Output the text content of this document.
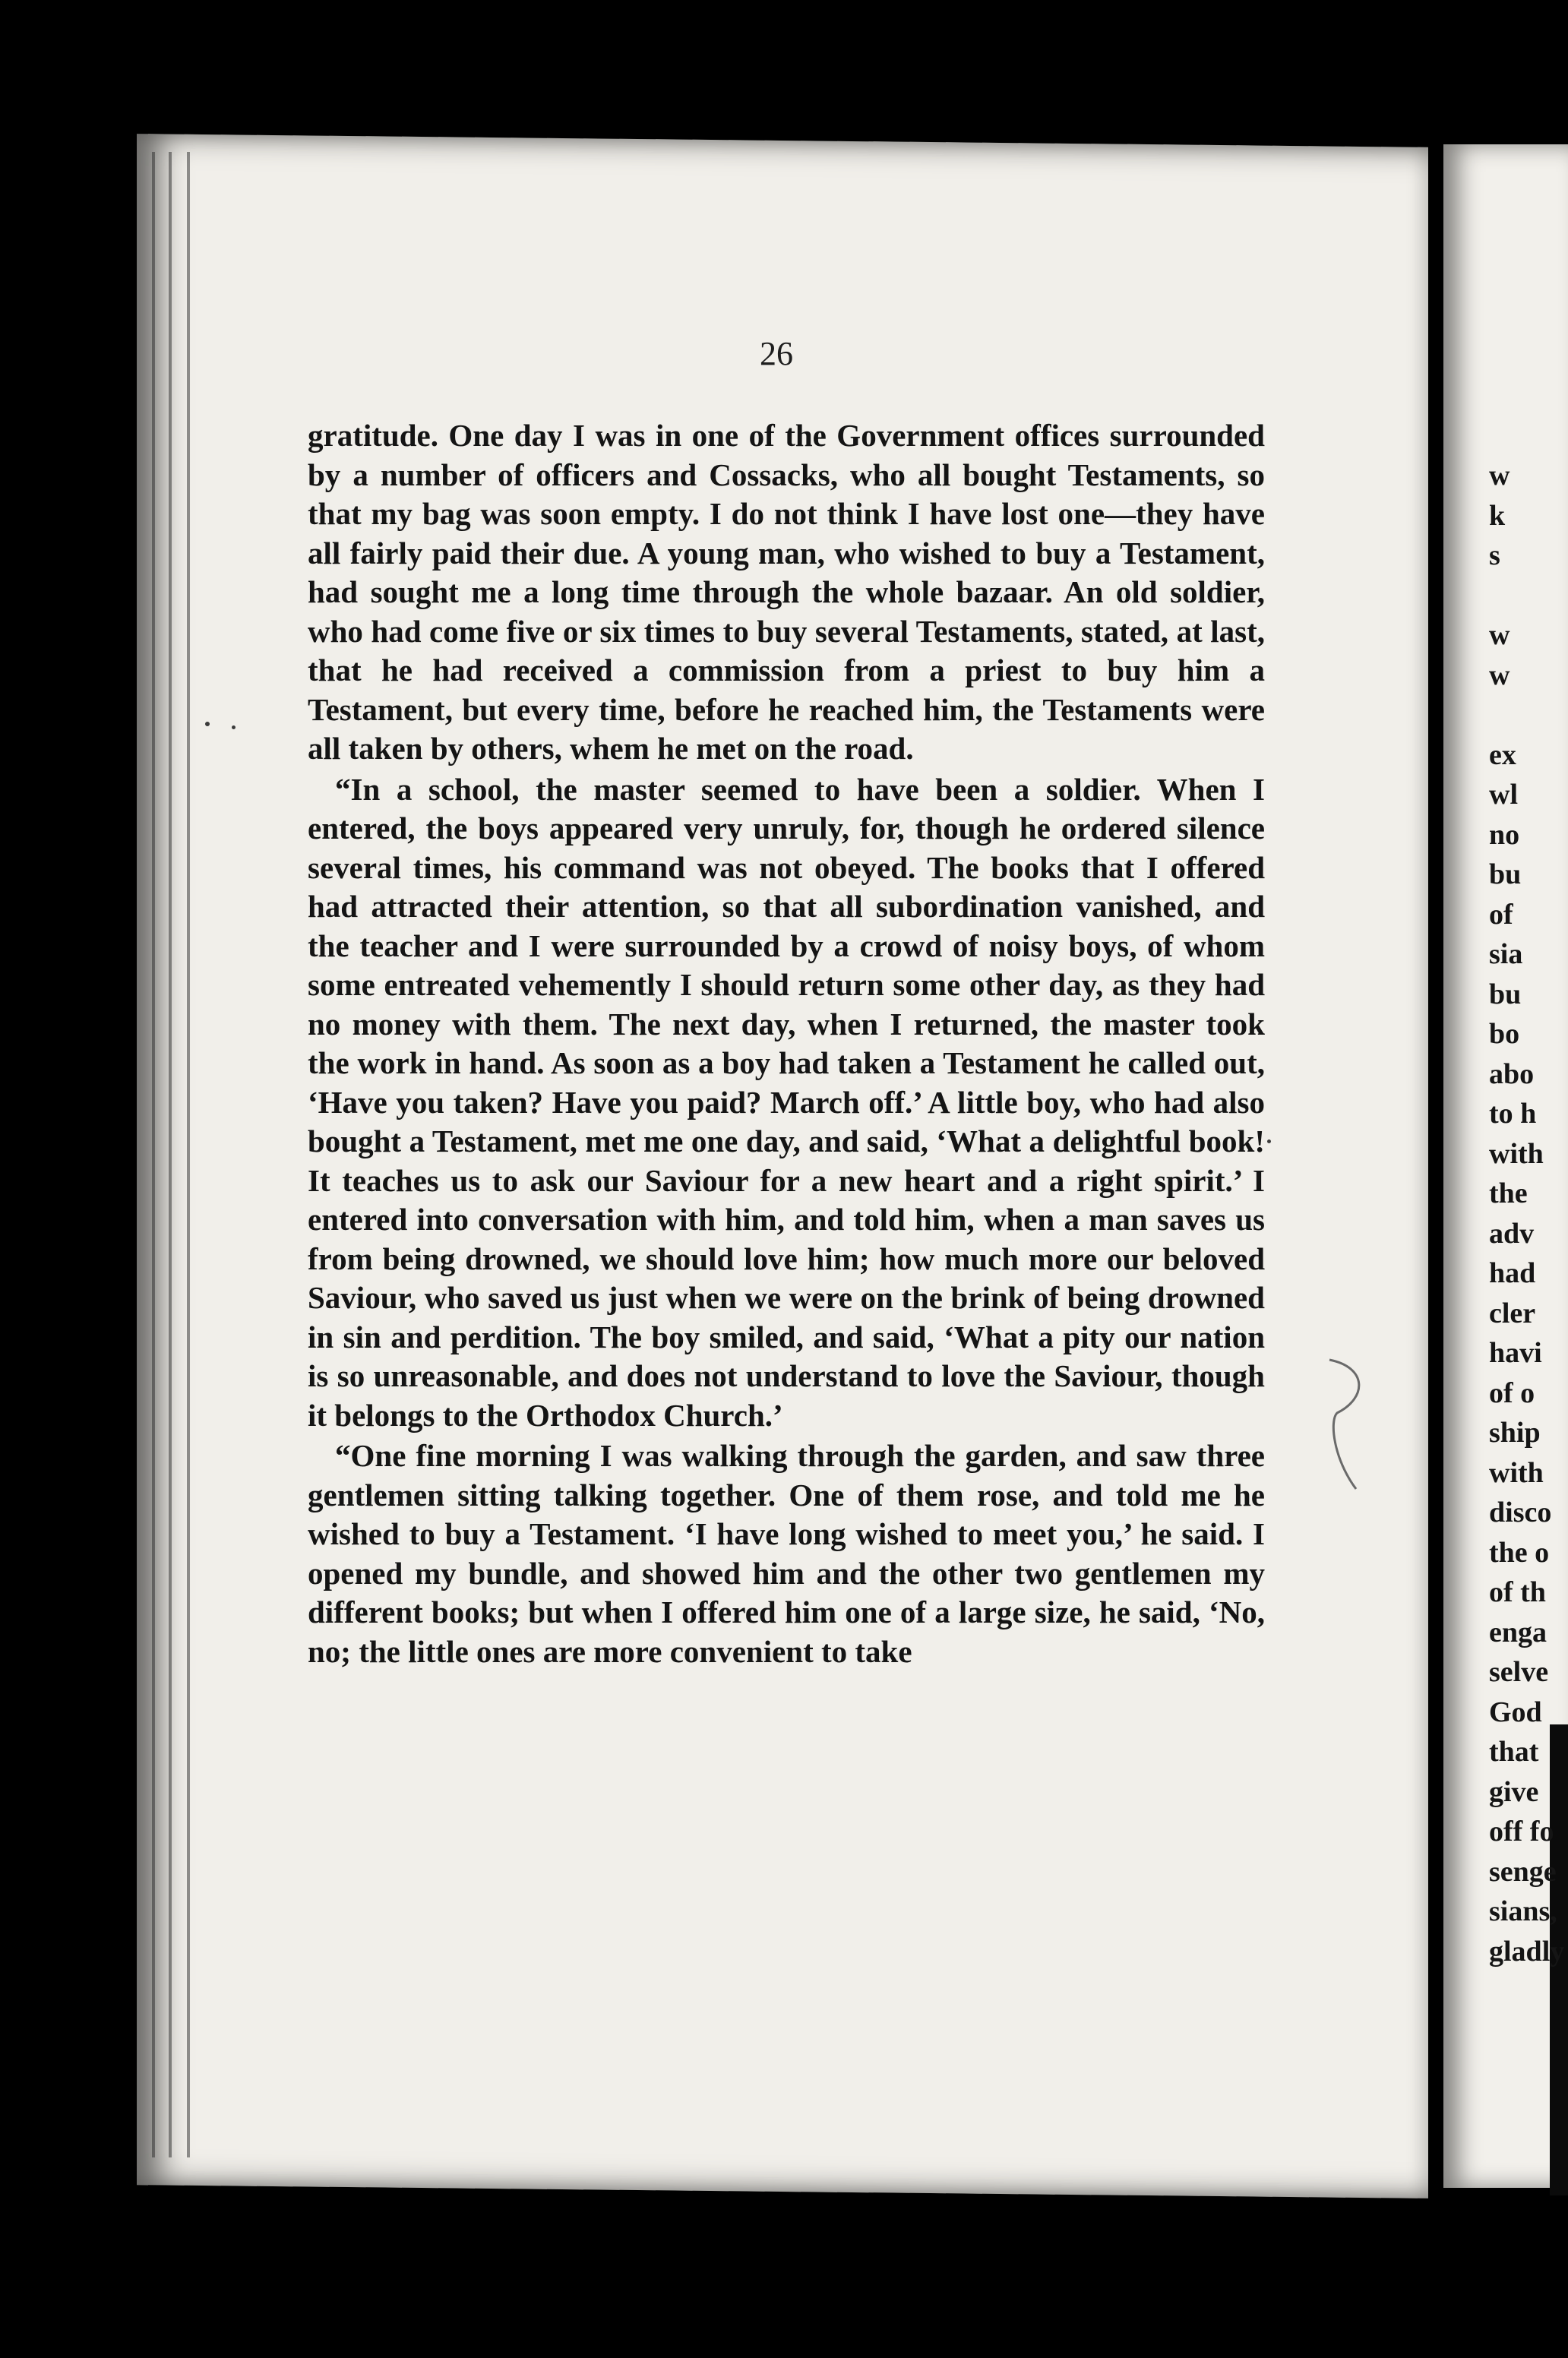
26

gratitude. One day I was in one of the Government offices surrounded by a number of officers and Cossacks, who all bought Testaments, so that my bag was soon empty. I do not think I have lost one—they have all fairly paid their due. A young man, who wished to buy a Testament, had sought me a long time through the whole bazaar. An old soldier, who had come five or six times to buy several Testaments, stated, at last, that he had received a commission from a priest to buy him a Testament, but every time, before he reached him, the Testaments were all taken by others, whem he met on the road.

“In a school, the master seemed to have been a soldier. When I entered, the boys appeared very unruly, for, though he ordered silence several times, his command was not obeyed. The books that I offered had attracted their attention, so that all subordination vanished, and the teacher and I were surrounded by a crowd of noisy boys, of whom some entreated vehemently I should return some other day, as they had no money with them. The next day, when I returned, the master took the work in hand. As soon as a boy had taken a Testament he called out, ‘Have you taken? Have you paid? March off.’ A little boy, who had also bought a Testament, met me one day, and said, ‘What a delightful book! It teaches us to ask our Saviour for a new heart and a right spirit.’ I entered into conversation with him, and told him, when a man saves us from being drowned, we should love him; how much more our beloved Saviour, who saved us just when we were on the brink of being drowned in sin and perdition. The boy smiled, and said, ‘What a pity our nation is so unreasonable, and does not understand to love the Saviour, though it belongs to the Orthodox Church.’

“One fine morning I was walking through the garden, and saw three gentlemen sitting talking together. One of them rose, and told me he wished to buy a Testament. ‘I have long wished to meet you,’ he said. I opened my bundle, and showed him and the other two gentlemen my different books; but when I offered him one of a large size, he said, ‘No, no; the little ones are more convenient to take

w
k
s

w
w

ex
wl
no
bu
of
sia
bu
bo
abo
to h
with
the
adv
had
cler
havi
of o
ship
with
disco
the o
of th
enga
selve
God
that
give
off fo
senge
sians,
gladly
